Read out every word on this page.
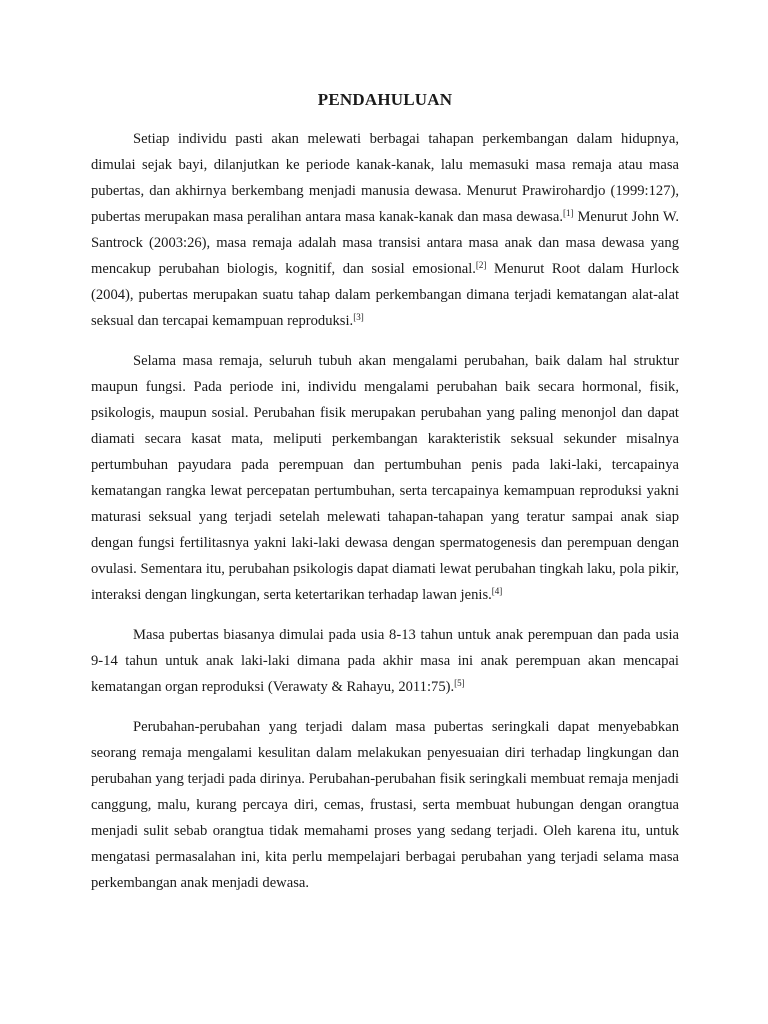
PENDAHULUAN

Setiap individu pasti akan melewati berbagai tahapan perkembangan dalam hidupnya, dimulai sejak bayi, dilanjutkan ke periode kanak-kanak, lalu memasuki masa remaja atau masa pubertas, dan akhirnya berkembang menjadi manusia dewasa. Menurut Prawirohardjo (1999:127), pubertas merupakan masa peralihan antara masa kanak-kanak dan masa dewasa.[1] Menurut John W. Santrock (2003:26), masa remaja adalah masa transisi antara masa anak dan masa dewasa yang mencakup perubahan biologis, kognitif, dan sosial emosional.[2] Menurut Root dalam Hurlock (2004), pubertas merupakan suatu tahap dalam perkembangan dimana terjadi kematangan alat-alat seksual dan tercapai kemampuan reproduksi.[3]

Selama masa remaja, seluruh tubuh akan mengalami perubahan, baik dalam hal struktur maupun fungsi. Pada periode ini, individu mengalami perubahan baik secara hormonal, fisik, psikologis, maupun sosial. Perubahan fisik merupakan perubahan yang paling menonjol dan dapat diamati secara kasat mata, meliputi perkembangan karakteristik seksual sekunder misalnya pertumbuhan payudara pada perempuan dan pertumbuhan penis pada laki-laki, tercapainya kematangan rangka lewat percepatan pertumbuhan, serta tercapainya kemampuan reproduksi yakni maturasi seksual yang terjadi setelah melewati tahapan-tahapan yang teratur sampai anak siap dengan fungsi fertilitasnya yakni laki-laki dewasa dengan spermatogenesis dan perempuan dengan ovulasi. Sementara itu, perubahan psikologis dapat diamati lewat perubahan tingkah laku, pola pikir, interaksi dengan lingkungan, serta ketertarikan terhadap lawan jenis.[4]

Masa pubertas biasanya dimulai pada usia 8-13 tahun untuk anak perempuan dan pada usia 9-14 tahun untuk anak laki-laki dimana pada akhir masa ini anak perempuan akan mencapai kematangan organ reproduksi (Verawaty & Rahayu, 2011:75).[5]

Perubahan-perubahan yang terjadi dalam masa pubertas seringkali dapat menyebabkan seorang remaja mengalami kesulitan dalam melakukan penyesuaian diri terhadap lingkungan dan perubahan yang terjadi pada dirinya. Perubahan-perubahan fisik seringkali membuat remaja menjadi canggung, malu, kurang percaya diri, cemas, frustasi, serta membuat hubungan dengan orangtua menjadi sulit sebab orangtua tidak memahami proses yang sedang terjadi. Oleh karena itu, untuk mengatasi permasalahan ini, kita perlu mempelajari berbagai perubahan yang terjadi selama masa perkembangan anak menjadi dewasa.
